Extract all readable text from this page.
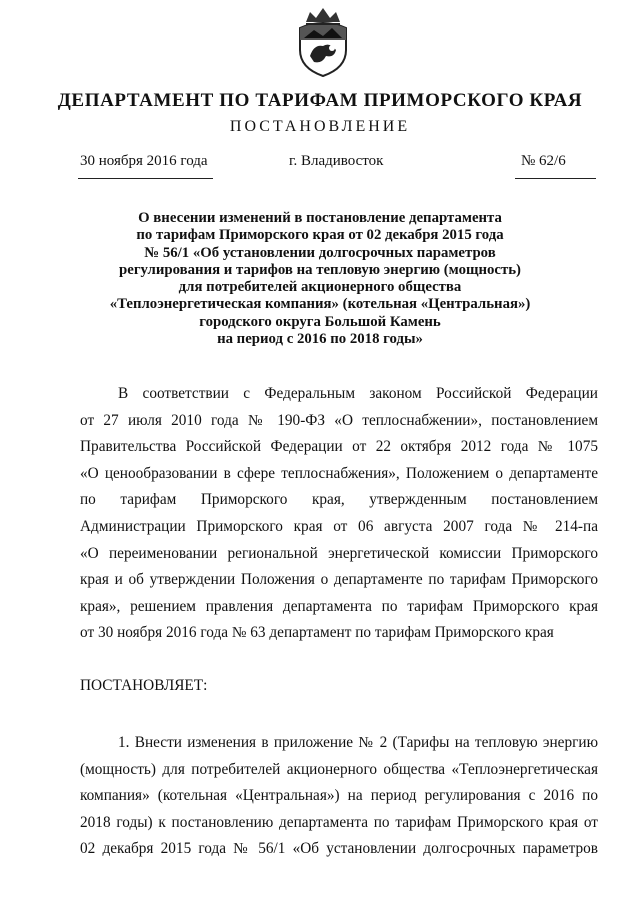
ДЕПАРТАМЕНТ ПО ТАРИФАМ ПРИМОРСКОГО КРАЯ
ПОСТАНОВЛЕНИЕ
30 ноября 2016 года	г. Владивосток	№ 62/6
О внесении изменений в постановление департамента
по тарифам Приморского края от 02 декабря 2015 года
№ 56/1 «Об установлении долгосрочных параметров
регулирования и тарифов на тепловую энергию (мощность)
для потребителей акционерного общества
«Теплоэнергетическая компания» (котельная «Центральная»)
городского округа Большой Камень
на период с 2016 по 2018 годы»
В соответствии с Федеральным законом Российской Федерации
от 27 июля 2010 года № 190-ФЗ «О теплоснабжении», постановлением
Правительства Российской Федерации от 22 октября 2012 года № 1075
«О ценообразовании в сфере теплоснабжения», Положением о департаменте
по тарифам Приморского края, утвержденным постановлением
Администрации Приморского края от 06 августа 2007 года № 214-па
«О переименовании региональной энергетической комиссии Приморского
края и об утверждении Положения о департаменте по тарифам Приморского
края», решением правления департамента по тарифам Приморского края
от 30 ноября 2016 года № 63 департамент по тарифам Приморского края
ПОСТАНОВЛЯЕТ:
1. Внести изменения в приложение № 2 (Тарифы на тепловую энергию
(мощность) для потребителей акционерного общества «Теплоэнергетическая
компания» (котельная «Центральная») на период регулирования с 2016 по
2018 годы) к постановлению департамента по тарифам Приморского края от
02 декабря 2015 года № 56/1 «Об установлении долгосрочных параметров
